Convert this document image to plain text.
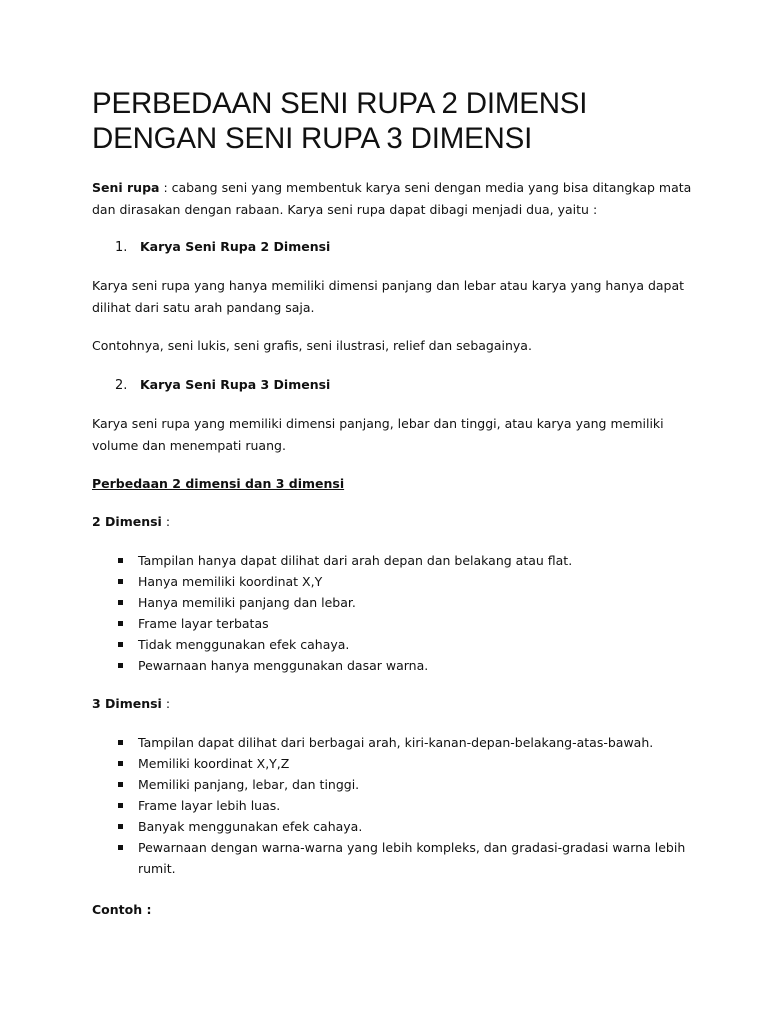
PERBEDAAN SENI RUPA 2 DIMENSI
DENGAN SENI RUPA 3 DIMENSI

Seni rupa : cabang seni yang membentuk karya seni dengan media yang bisa ditangkap mata dan dirasakan dengan rabaan. Karya seni rupa dapat dibagi menjadi dua, yaitu :

1.	Karya Seni Rupa 2 Dimensi

Karya seni rupa yang hanya memiliki dimensi panjang dan lebar atau karya yang hanya dapat dilihat dari satu arah pandang saja.

Contohnya, seni lukis, seni grafis, seni ilustrasi, relief dan sebagainya.

2.	Karya Seni Rupa 3 Dimensi

Karya seni rupa yang memiliki dimensi panjang, lebar dan tinggi, atau karya yang memiliki volume dan menempati ruang.

Perbedaan 2 dimensi dan 3 dimensi

2 Dimensi :

Tampilan hanya dapat dilihat dari arah depan dan belakang atau flat.
Hanya memiliki koordinat X,Y
Hanya memiliki panjang dan lebar.
Frame layar terbatas
Tidak menggunakan efek cahaya.
Pewarnaan hanya menggunakan dasar warna.

3 Dimensi :

Tampilan dapat dilihat dari berbagai arah, kiri-kanan-depan-belakang-atas-bawah.
Memiliki koordinat X,Y,Z
Memiliki panjang, lebar, dan tinggi.
Frame layar lebih luas.
Banyak menggunakan efek cahaya.
Pewarnaan dengan warna-warna yang lebih kompleks, dan gradasi-gradasi warna lebih rumit.

Contoh :
